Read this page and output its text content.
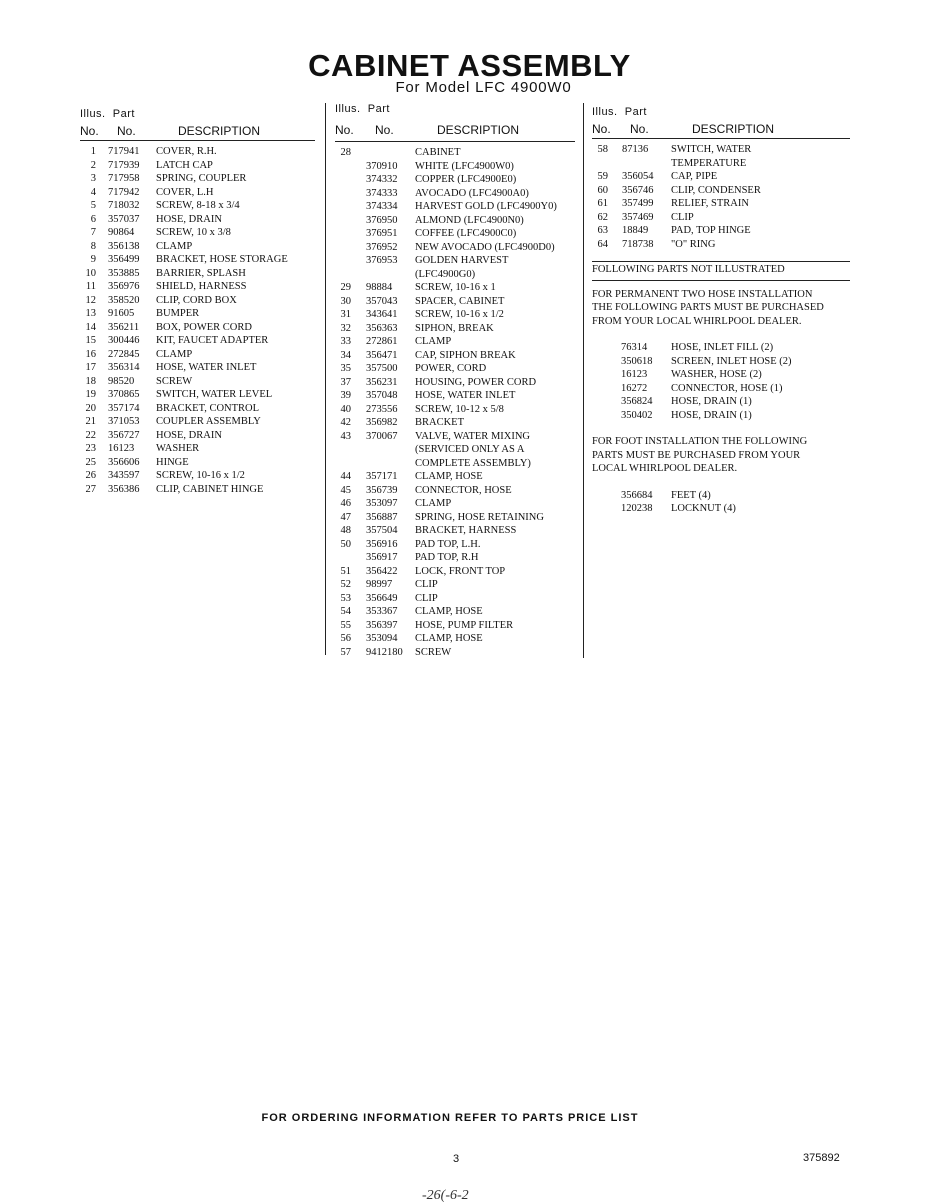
CABINET ASSEMBLY
For Model LFC 4900W0
Illus. Part
No. No.	DESCRIPTION
1 717941 COVER, R.H.
2 717939 LATCH CAP
3 717958 SPRING, COUPLER
4 717942 COVER, L.H
5 718032 SCREW, 8-18 x 3/4
6 357037 HOSE, DRAIN
7 90864 SCREW, 10 x 3/8
8 356138 CLAMP
9 356499 BRACKET, HOSE STORAGE
10 353885 BARRIER, SPLASH
11 356976 SHIELD, HARNESS
12 358520 CLIP, CORD BOX
13 91605 BUMPER
14 356211 BOX, POWER CORD
15 300446 KIT, FAUCET ADAPTER
16 272845 CLAMP
17 356314 HOSE, WATER INLET
18 98520 SCREW
19 370865 SWITCH, WATER LEVEL
20 357174 BRACKET, CONTROL
21 371053 COUPLER ASSEMBLY
22 356727 HOSE, DRAIN
23 16123 WASHER
25 356606 HINGE
26 343597 SCREW, 10-16 x 1/2
27 356386 CLIP, CABINET HINGE
Illus. Part
No. No.	DESCRIPTION
28	CABINET
370910 WHITE (LFC4900W0)
374332 COPPER (LFC4900E0)
374333 AVOCADO (LFC4900A0)
374334 HARVEST GOLD (LFC4900Y0)
376950 ALMOND (LFC4900N0)
376951 COFFEE (LFC4900C0)
376952 NEW AVOCADO (LFC4900D0)
376953 GOLDEN HARVEST
(LFC4900G0)
29 98884 SCREW, 10-16 x 1
30 357043 SPACER, CABINET
31 343641 SCREW, 10-16 x 1/2
32 356363 SIPHON, BREAK
33 272861 CLAMP
34 356471 CAP, SIPHON BREAK
35 357500 POWER, CORD
37 356231 HOUSING, POWER CORD
39 357048 HOSE, WATER INLET
40 273556 SCREW, 10-12 x 5/8
42 356982 BRACKET
43 370067 VALVE, WATER MIXING
(SERVICED ONLY AS A
COMPLETE ASSEMBLY)
44 357171 CLAMP, HOSE
45 356739 CONNECTOR, HOSE
46 353097 CLAMP
47 356887 SPRING, HOSE RETAINING
48 357504 BRACKET, HARNESS
50 356916 PAD TOP, L.H.
356917 PAD TOP, R.H
51 356422 LOCK, FRONT TOP
52 98997 CLIP
53 356649 CLIP
54 353367 CLAMP, HOSE
55 356397 HOSE, PUMP FILTER
56 353094 CLAMP, HOSE
57 9412180 SCREW
Illus. Part
No. No.	DESCRIPTION
58 87136 SWITCH, WATER
TEMPERATURE
59 356054 CAP, PIPE
60 356746 CLIP, CONDENSER
61 357499 RELIEF, STRAIN
62 357469 CLIP
63 18849 PAD, TOP HINGE
64 718738 "O" RING
FOLLOWING PARTS NOT ILLUSTRATED
FOR PERMANENT TWO HOSE INSTALLATION
THE FOLLOWING PARTS MUST BE PURCHASED
FROM YOUR LOCAL WHIRLPOOL DEALER.
76314 HOSE, INLET FILL (2)
350618 SCREEN, INLET HOSE (2)
16123 WASHER, HOSE (2)
16272 CONNECTOR, HOSE (1)
356824 HOSE, DRAIN (1)
350402 HOSE, DRAIN (1)
FOR FOOT INSTALLATION THE FOLLOWING
PARTS MUST BE PURCHASED FROM YOUR
LOCAL WHIRLPOOL DEALER.
356684 FEET (4)
120238 LOCKNUT (4)
FOR ORDERING INFORMATION REFER TO PARTS PRICE LIST
3	375892
-26(-6-2
